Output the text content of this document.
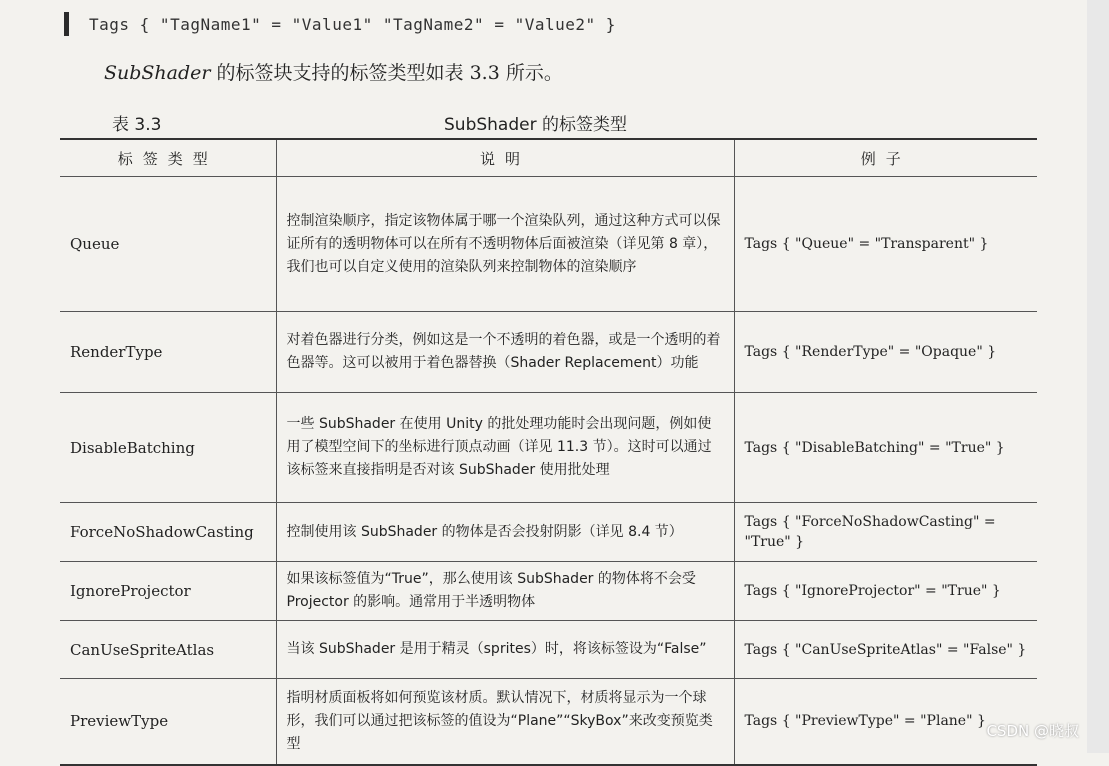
Tags { "TagName1" = "Value1" "TagName2" = "Value2" }
SubShader 的标签块支持的标签类型如表 3.3 所示。
表 3.3	SubShader 的标签类型
标签类型	说明	例子
Queue	控制渲染顺序，指定该物体属于哪一个渲染队列，通过这种方式可以保证所有的透明物体可以在所有不透明物体后面被渲染（详见第 8 章），我们也可以自定义使用的渲染队列来控制物体的渲染顺序	Tags { "Queue" = "Transparent" }
RenderType	对着色器进行分类，例如这是一个不透明的着色器，或是一个透明的着色器等。这可以被用于着色器替换（Shader Replacement）功能	Tags { "RenderType" = "Opaque" }
DisableBatching	一些 SubShader 在使用 Unity 的批处理功能时会出现问题，例如使用了模型空间下的坐标进行顶点动画（详见 11.3 节）。这时可以通过该标签来直接指明是否对该 SubShader 使用批处理	Tags { "DisableBatching" = "True" }
ForceNoShadowCasting	控制使用该 SubShader 的物体是否会投射阴影（详见 8.4 节）	Tags { "ForceNoShadowCasting" = "True" }
IgnoreProjector	如果该标签值为“True”，那么使用该 SubShader 的物体将不会受 Projector 的影响。通常用于半透明物体	Tags { "IgnoreProjector" = "True" }
CanUseSpriteAtlas	当该 SubShader 是用于精灵（sprites）时，将该标签设为“False”	Tags { "CanUseSpriteAtlas" = "False" }
PreviewType	指明材质面板将如何预览该材质。默认情况下，材质将显示为一个球形，我们可以通过把该标签的值设为“Plane”“SkyBox”来改变预览类型	Tags { "PreviewType" = "Plane" }
CSDN @晓叔
